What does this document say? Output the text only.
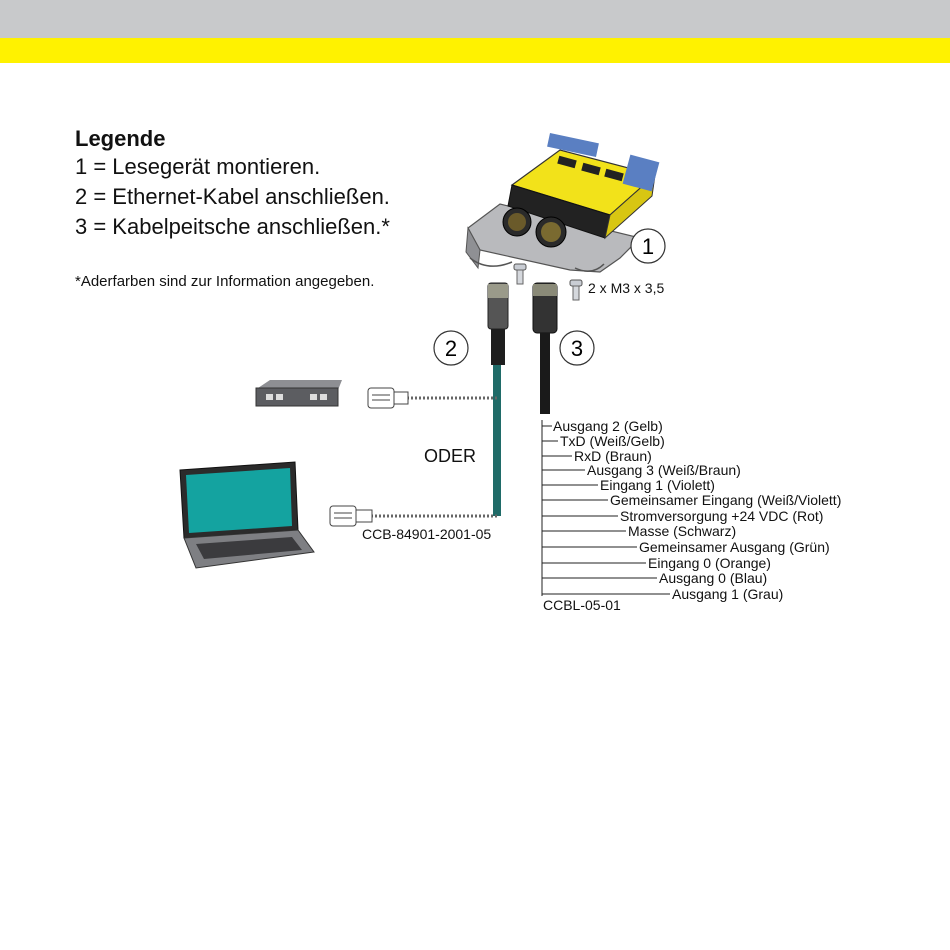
Legende
1 = Lesegerät montieren.
2 = Ethernet-Kabel anschließen.
3 = Kabelpeitsche anschließen.*
*Aderfarben sind zur Information angegeben.
1
2	3
2 x M3 x 3,5
ODER
CCB-84901-2001-05
CCBL-05-01
Ausgang 2 (Gelb)
TxD (Weiß/Gelb)
RxD (Braun)
Ausgang 3 (Weiß/Braun)
Eingang 1 (Violett)
Gemeinsamer Eingang (Weiß/Violett)
Stromversorgung +24 VDC (Rot)
Masse (Schwarz)
Gemeinsamer Ausgang (Grün)
Eingang 0 (Orange)
Ausgang 0 (Blau)
Ausgang 1 (Grau)
